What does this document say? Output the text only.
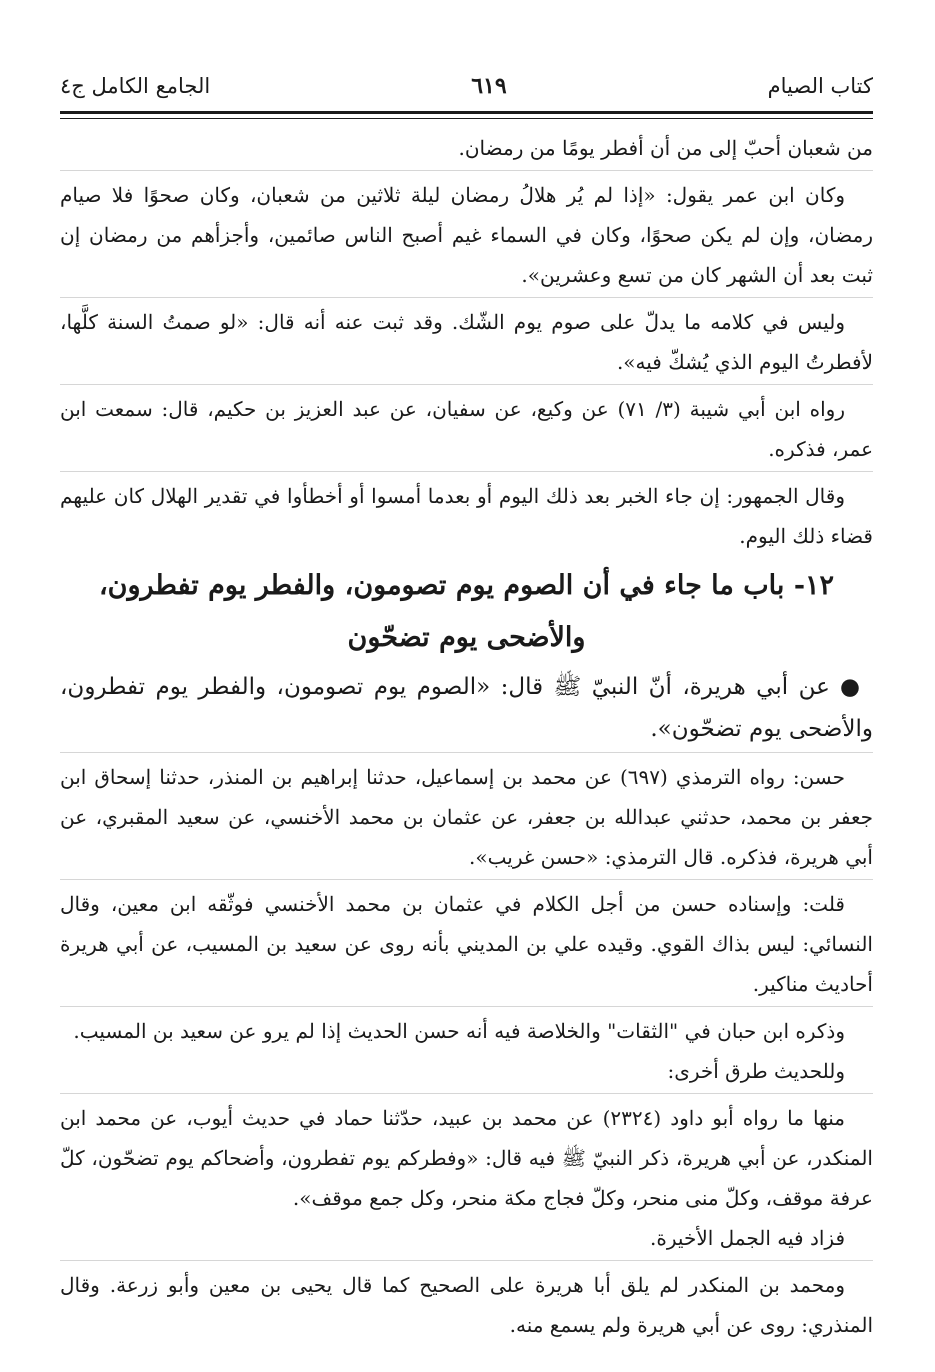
كتاب الصيام
٦١٩
الجامع الكامل ج٤

من شعبان أحبّ إلى من أن أفطر يومًا من رمضان.

وكان ابن عمر يقول: «إذا لم يُر هلالُ رمضان ليلة ثلاثين من شعبان، وكان صحوًا فلا صيام رمضان، وإن لم يكن صحوًا، وكان في السماء غيم أصبح الناس صائمين، وأجزأهم من رمضان إن ثبت بعد أن الشهر كان من تسع وعشرين».

وليس في كلامه ما يدلّ على صوم يوم الشّك. وقد ثبت عنه أنه قال: «لو صمتُ السنة كلَّها، لأفطرتُ اليوم الذي يُشكّ فيه».

رواه ابن أبي شيبة (٣/ ٧١) عن وكيع، عن سفيان، عن عبد العزيز بن حكيم، قال: سمعت ابن عمر، فذكره.

وقال الجمهور: إن جاء الخبر بعد ذلك اليوم أو بعدما أمسوا أو أخطأوا في تقدير الهلال كان عليهم قضاء ذلك اليوم.

١٢- باب ما جاء في أن الصوم يوم تصومون، والفطر يوم تفطرون،
والأضحى يوم تضحّون

●عن أبي هريرة، أنّ النبيّ ﷺ قال: «الصوم يوم تصومون، والفطر يوم تفطرون، والأضحى يوم تضحّون».

حسن: رواه الترمذي (٦٩٧) عن محمد بن إسماعيل، حدثنا إبراهيم بن المنذر، حدثنا إسحاق ابن جعفر بن محمد، حدثني عبدالله بن جعفر، عن عثمان بن محمد الأخنسي، عن سعيد المقبري، عن أبي هريرة، فذكره. قال الترمذي: «حسن غريب».

قلت: وإسناده حسن من أجل الكلام في عثمان بن محمد الأخنسي فوثّقه ابن معين، وقال النسائي: ليس بذاك القوي. وقيده علي بن المديني بأنه روى عن سعيد بن المسيب، عن أبي هريرة أحاديث مناكير.

وذكره ابن حبان في "الثقات" والخلاصة فيه أنه حسن الحديث إذا لم يرو عن سعيد بن المسيب.

وللحديث طرق أخرى:

منها ما رواه أبو داود (٢٣٢٤) عن محمد بن عبيد، حدّثنا حماد في حديث أيوب، عن محمد ابن المنكدر، عن أبي هريرة، ذكر النبيّ ﷺ فيه قال: «وفطركم يوم تفطرون، وأضحاكم يوم تضحّون، كلّ عرفة موقف، وكلّ منى منحر، وكلّ فجاج مكة منحر، وكل جمع موقف».

فزاد فيه الجمل الأخيرة.

ومحمد بن المنكدر لم يلق أبا هريرة على الصحيح كما قال يحيى بن معين وأبو زرعة. وقال المنذري: روى عن أبي هريرة ولم يسمع منه.
